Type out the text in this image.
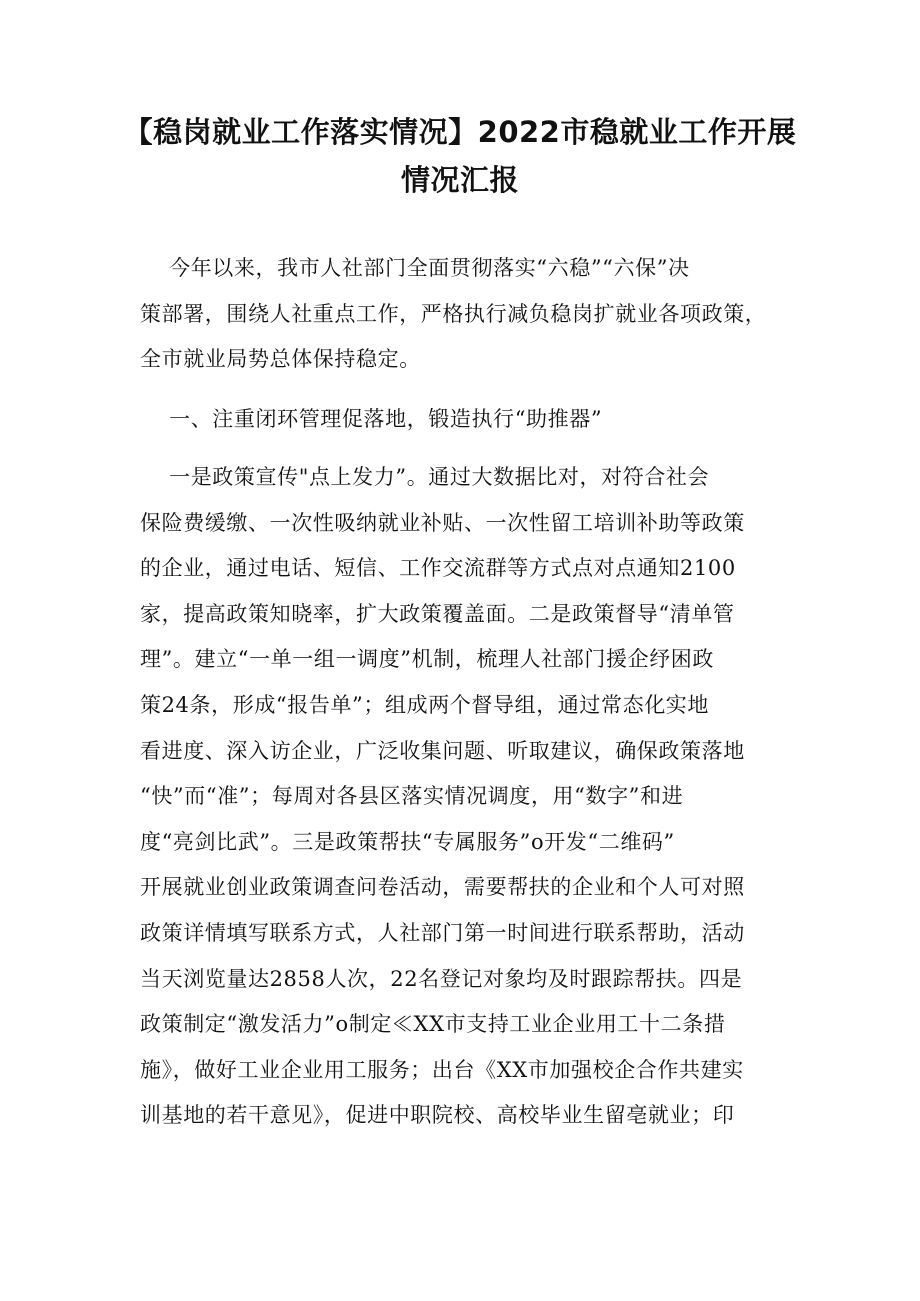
【稳岗就业工作落实情况】2022市稳就业工作开展
情况汇报
今年以来，我市人社部门全面贯彻落实“六稳”“六保”决
策部署，围绕人社重点工作，严格执行减负稳岗扩就业各项政策，
全市就业局势总体保持稳定。
一、注重闭环管理促落地，锻造执行“助推器”
一是政策宣传"点上发力”。通过大数据比对，对符合社会
保险费缓缴、一次性吸纳就业补贴、一次性留工培训补助等政策
的企业，通过电话、短信、工作交流群等方式点对点通知2100
家，提高政策知晓率，扩大政策覆盖面。二是政策督导“清单管
理”。建立“一单一组一调度”机制，梳理人社部门援企纾困政
策24条，形成“报告单”；组成两个督导组，通过常态化实地
看进度、深入访企业，广泛收集问题、听取建议，确保政策落地
“快”而“准”；每周对各县区落实情况调度，用“数字”和进
度“亮剑比武”。三是政策帮扶“专属服务”o开发“二维码”
开展就业创业政策调查问卷活动，需要帮扶的企业和个人可对照
政策详情填写联系方式，人社部门第一时间进行联系帮助，活动
当天浏览量达2858人次，22名登记对象均及时跟踪帮扶。四是
政策制定“激发活力”o制定≪XX市支持工业企业用工十二条措
施》，做好工业企业用工服务；出台《XX市加强校企合作共建实
训基地的若干意见》，促进中职院校、高校毕业生留亳就业；印
